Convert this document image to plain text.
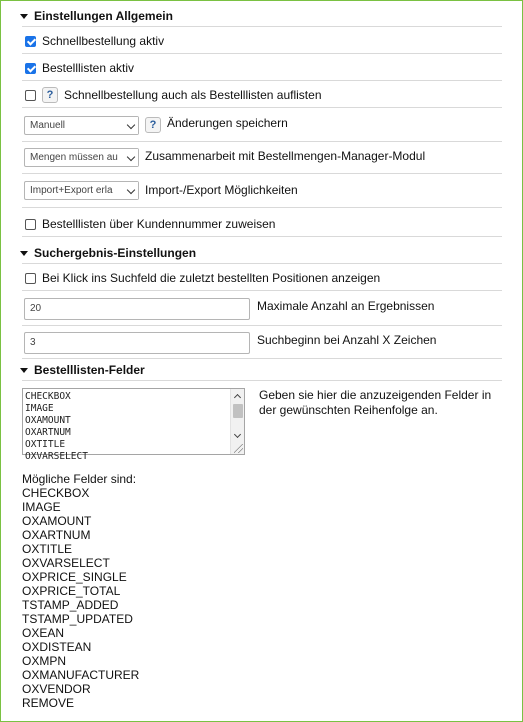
Einstellungen Allgemein
Schnellbestellung aktiv
Bestelllisten aktiv
? Schnellbestellung auch als Bestelllisten auflisten
Manuell	? Änderungen speichern
Mengen müssen au	Zusammenarbeit mit Bestellmengen-Manager-Modul
Import+Export erla	Import-/Export Möglichkeiten
Bestelllisten über Kundennummer zuweisen
Suchergebnis-Einstellungen
Bei Klick ins Suchfeld die zuletzt bestellten Positionen anzeigen
20	Maximale Anzahl an Ergebnissen
3	Suchbeginn bei Anzahl X Zeichen
Bestelllisten-Felder
CHECKBOX
IMAGE
OXAMOUNT
OXARTNUM
OXTITLE
OXVARSELECT
Geben sie hier die anzuzeigenden Felder in der gewünschten Reihenfolge an.
Mögliche Felder sind:
CHECKBOX
IMAGE
OXAMOUNT
OXARTNUM
OXTITLE
OXVARSELECT
OXPRICE_SINGLE
OXPRICE_TOTAL
TSTAMP_ADDED
TSTAMP_UPDATED
OXEAN
OXDISTEAN
OXMPN
OXMANUFACTURER
OXVENDOR
REMOVE
